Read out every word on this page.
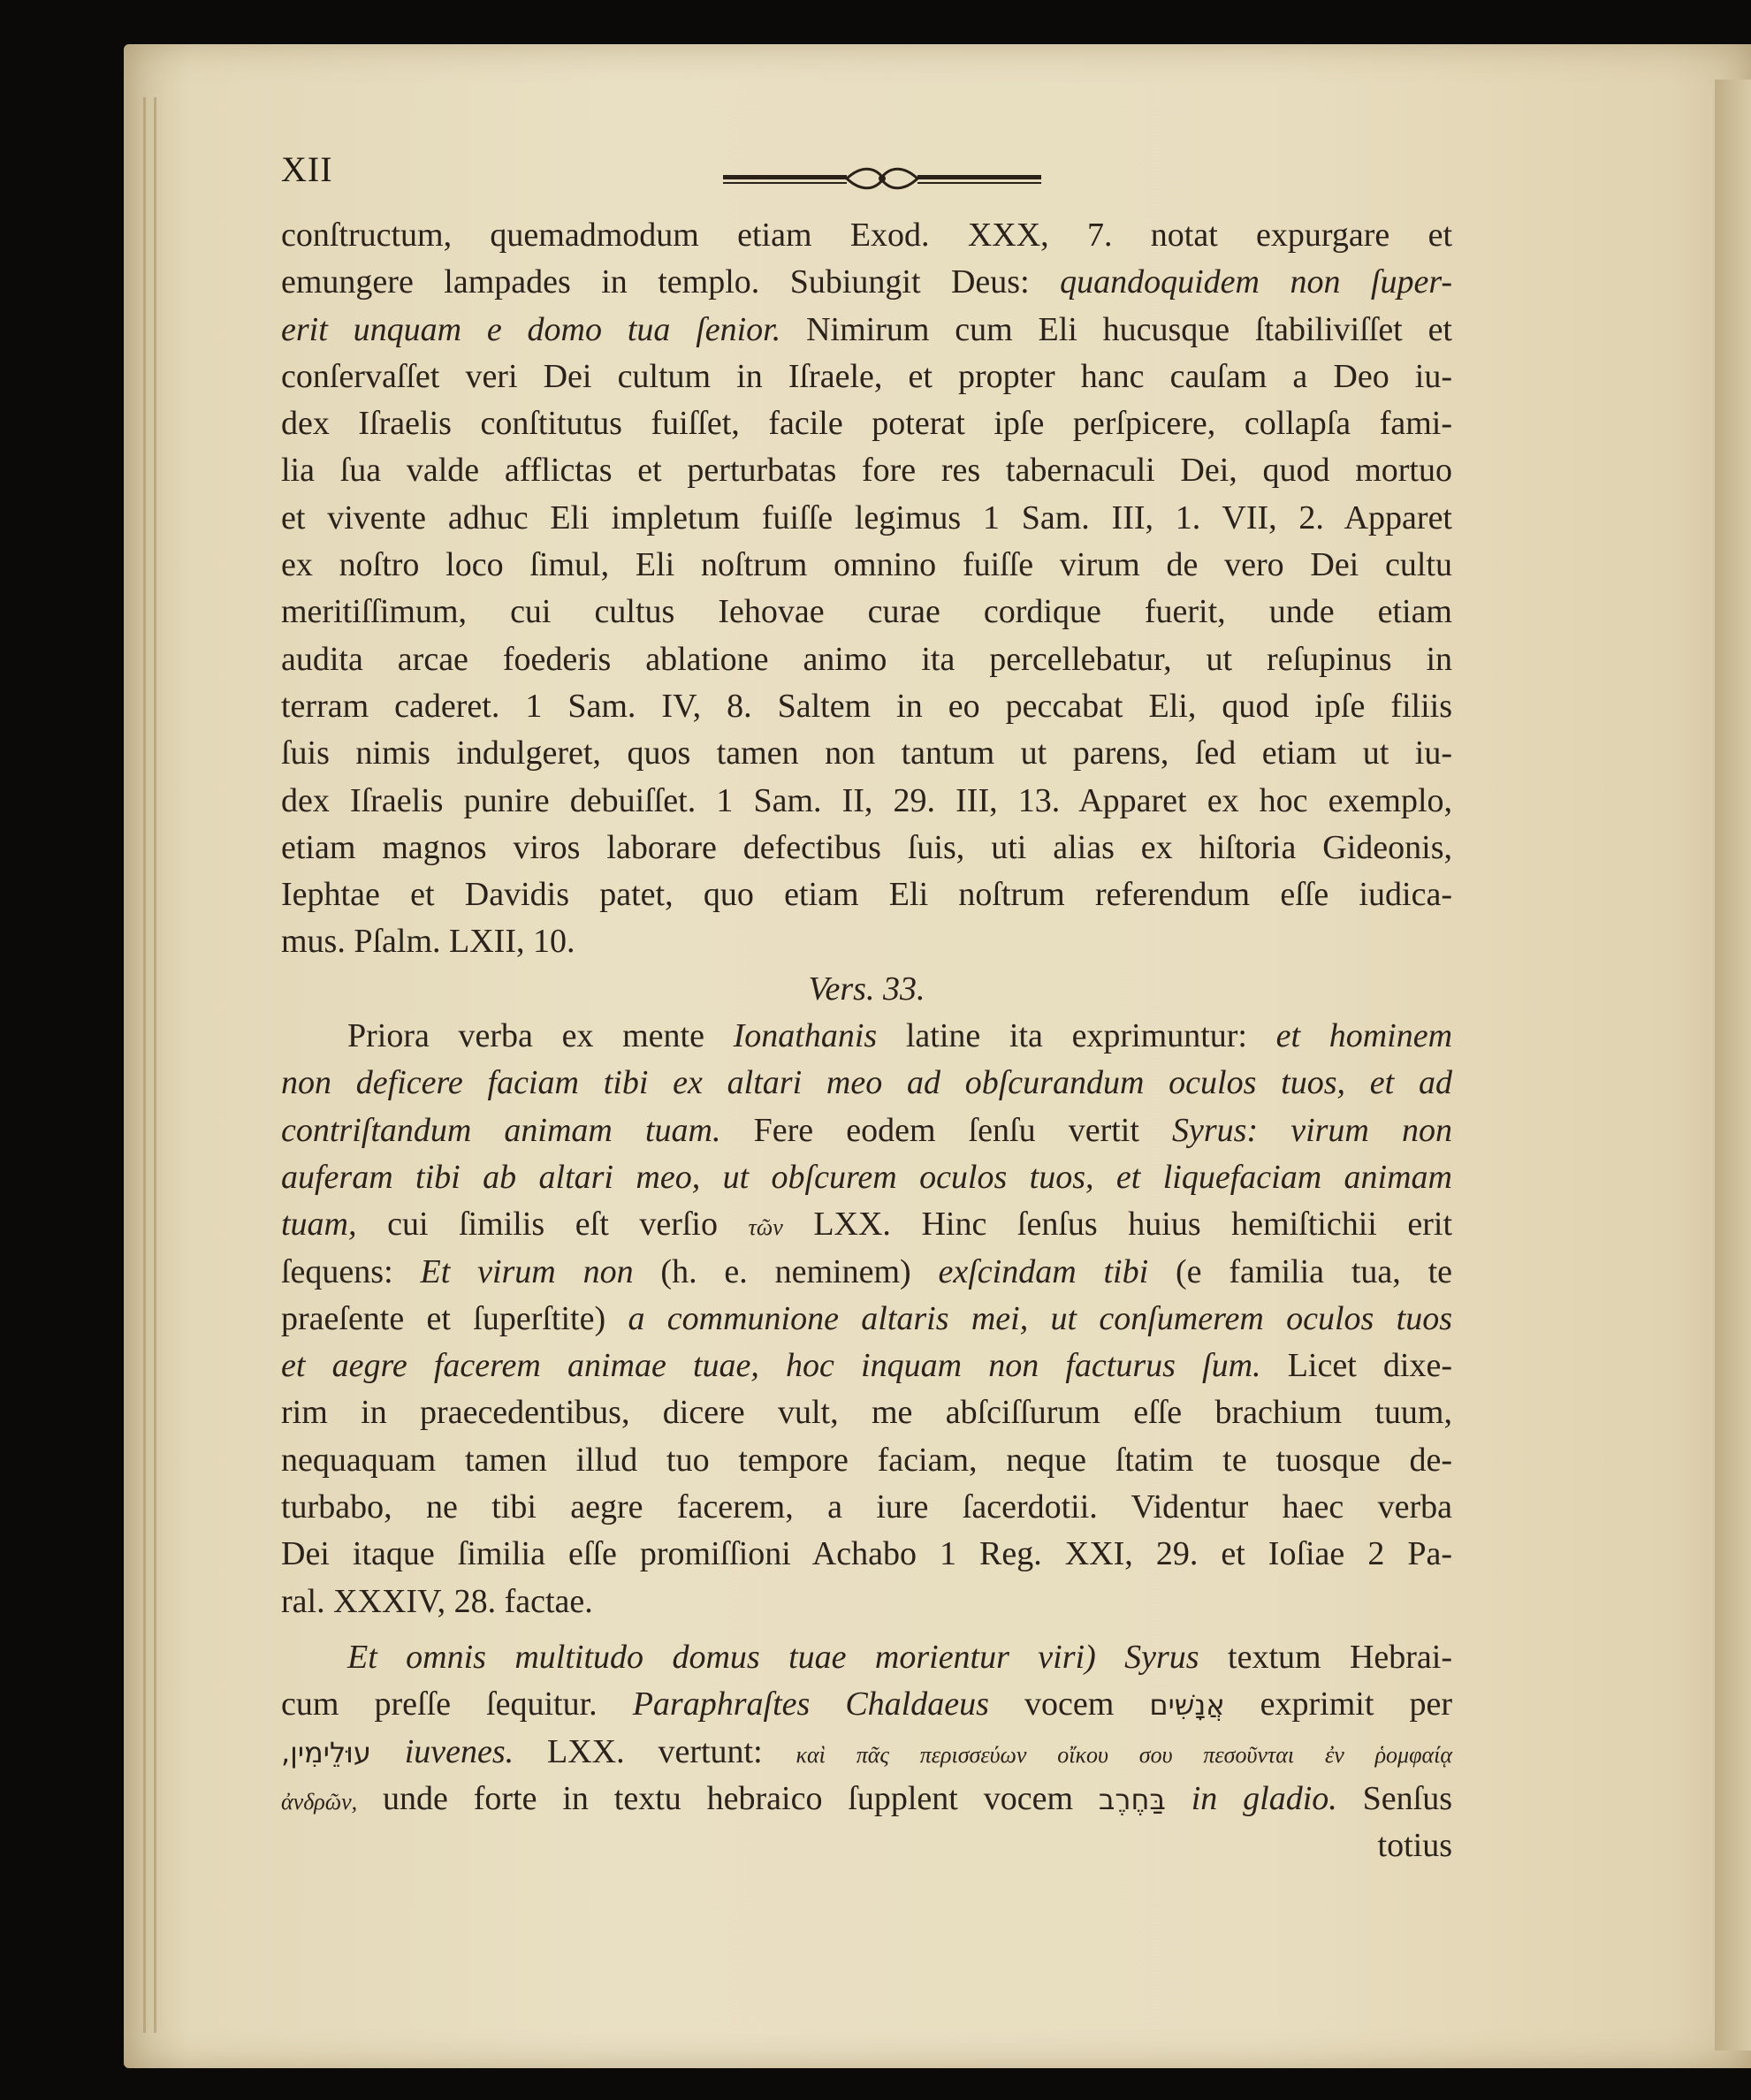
XII
conſtructum, quemadmodum etiam Exod. XXX, 7. notat expurgare et
emungere lampades in templo. Subiungit Deus: quandoquidem non ſuper-
erit unquam e domo tua ſenior. Nimirum cum Eli hucusque ſtabiliviſſet et
conſervaſſet veri Dei cultum in Iſraele, et propter hanc cauſam a Deo iu-
dex Iſraelis conſtitutus fuiſſet, facile poterat ipſe perſpicere, collapſa fami-
lia ſua valde afflictas et perturbatas fore res tabernaculi Dei, quod mortuo
et vivente adhuc Eli impletum fuiſſe legimus 1 Sam. III, 1. VII, 2. Apparet
ex noſtro loco ſimul, Eli noſtrum omnino fuiſſe virum de vero Dei cultu
meritiſſimum, cui cultus Iehovae curae cordique fuerit, unde etiam
audita arcae foederis ablatione animo ita percellebatur, ut reſupinus in
terram caderet. 1 Sam. IV, 8. Saltem in eo peccabat Eli, quod ipſe filiis
ſuis nimis indulgeret, quos tamen non tantum ut parens, ſed etiam ut iu-
dex Iſraelis punire debuiſſet. 1 Sam. II, 29. III, 13. Apparet ex hoc exemplo,
etiam magnos viros laborare defectibus ſuis, uti alias ex hiſtoria Gideonis,
Iephtae et Davidis patet, quo etiam Eli noſtrum referendum eſſe iudica-
mus. Pſalm. LXII, 10.
Vers. 33.
Priora verba ex mente Ionathanis latine ita exprimuntur: et hominem
non deficere faciam tibi ex altari meo ad obſcurandum oculos tuos, et ad
contriſtandum animam tuam. Fere eodem ſenſu vertit Syrus: virum non
auferam tibi ab altari meo, ut obſcurem oculos tuos, et liquefaciam animam
tuam, cui ſimilis eſt verſio τῶν LXX. Hinc ſenſus huius hemiſtichii erit
ſequens: Et virum non (h. e. neminem) exſcindam tibi (e familia tua, te
praeſente et ſuperſtite) a communione altaris mei, ut conſumerem oculos tuos
et aegre facerem animae tuae, hoc inquam non facturus ſum. Licet dixe-
rim in praecedentibus, dicere vult, me abſciſſurum eſſe brachium tuum,
nequaquam tamen illud tuo tempore faciam, neque ſtatim te tuosque de-
turbabo, ne tibi aegre facerem, a iure ſacerdotii. Videntur haec verba
Dei itaque ſimilia eſſe promiſſioni Achabo 1 Reg. XXI, 29. et Ioſiae 2 Pa-
ral. XXXIV, 28. factae.
Et omnis multitudo domus tuae morientur viri) Syrus textum Hebrai-
cum preſſe ſequitur. Paraphraſtes Chaldaeus vocem אֲנָשִׁים exprimit per
עוּלֵימִין, iuvenes. LXX. vertunt: καὶ πᾶς περισσεύων οἴκου σου πεσοῦνται ἐν ῥομφαίᾳ
ἀνδρῶν, unde forte in textu hebraico ſupplent vocem בַּחֶרֶב in gladio. Senſus
totius
